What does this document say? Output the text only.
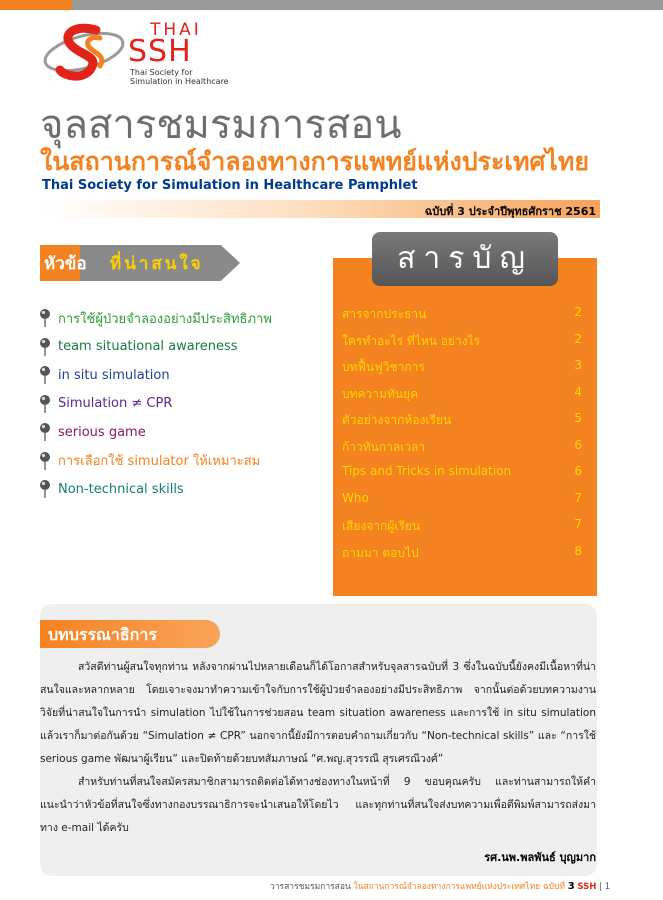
THAI
SSH
Thai Society for
Simulation in Healthcare
จุลสารชมรมการสอน
ในสถานการณ์จำลองทางการแพทย์แห่งประเทศไทย
Thai Society for Simulation in Healthcare Pamphlet
ฉบับที่ 3 ประจำปีพุทธศักราช 2561
หัวข้อ ที่น่าสนใจ
การใช้ผู้ป่วยจำลองอย่างมีประสิทธิภาพ
team situational awareness
in situ simulation
Simulation ≠ CPR
serious game
การเลือกใช้ simulator ให้เหมาะสม
Non-technical skills
สารบัญ
สารจากประธาน	2
ใครทำอะไร ที่ไหน อย่างไร	2
บทฟื้นฟูวิชาการ	3
บทความทันยุค	4
ตัวอย่างจากห้องเรียน	5
ก้าวทันกาลเวลา	6
Tips and Tricks in simulation	6
Who	7
เสียงจากผู้เรียน	7
ถามมา ตอบไป	8
บทบรรณาธิการ

สวัสดีท่านผู้สนใจทุกท่าน หลังจากผ่านไปหลายเดือนก็ได้โอกาสสำหรับจุลสารฉบับที่ 3 ซึ่งในฉบับนี้ยังคงมีเนื้อหาที่น่าสนใจและหลากหลาย โดยเจาะจงมาทำความเข้าใจกับการใช้ผู้ป่วยจำลองอย่างมีประสิทธิภาพ จากนั้นต่อด้วยบทความงานวิจัยที่น่าสนใจในการนำ simulation ไปใช้ในการช่วยสอน team situation awareness และการใช้ in situ simulation แล้วเราก็มาต่อกันด้วย “Simulation ≠ CPR” นอกจากนี้ยังมีการตอบคำถามเกี่ยวกับ “Non-technical skills” และ “การใช้ serious game พัฒนาผู้เรียน” และปิดท้ายด้วยบทสัมภาษณ์ “ศ.พญ.สุวรรณี สุรเศรณีวงศ์”

สำหรับท่านที่สนใจสมัครสมาชิกสามารถติดต่อได้ทางช่องทางในหน้าที่ 9 ขอบคุณครับ และท่านสามารถให้คำแนะนำว่าหัวข้อที่สนใจซึ่งทางกองบรรณาธิการจะนำเสนอให้โดยไว และทุกท่านที่สนใจส่งบทความเพื่อตีพิมพ์สามารถส่งมาทาง e-mail ได้ครับ

รศ.นพ.พลพันธ์ บุญมาก
วารสารชมรมการสอน ในสถานการณ์จำลองทางการแพทย์แห่งประเทศไทย ฉบับที่ 3 SSH | 1
